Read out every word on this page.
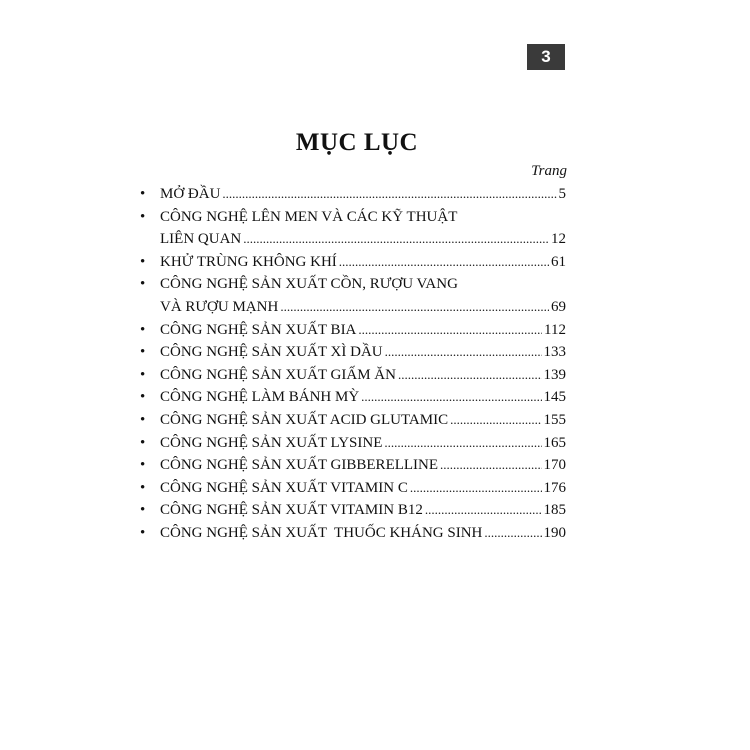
3
MỤC LỤC
Trang
• MỞ ĐẦU .....	5
• CÔNG NGHỆ LÊN MEN VÀ CÁC KỸ THUẬT
LIÊN QUAN .....	12
• KHỬ TRÙNG KHÔNG KHÍ .....	61
• CÔNG NGHỆ SẢN XUẤT CỒN, RƯỢU VANG
VÀ RƯỢU MẠNH .....	69
• CÔNG NGHỆ SẢN XUẤT BIA .....	112
• CÔNG NGHỆ SẢN XUẤT XÌ DẦU .....	133
• CÔNG NGHỆ SẢN XUẤT GIẤM ĂN .....	139
• CÔNG NGHỆ LÀM BÁNH MỲ .....	145
• CÔNG NGHỆ SẢN XUẤT ACID GLUTAMIC .....	155
• CÔNG NGHỆ SẢN XUẤT LYSINE .....	165
• CÔNG NGHỆ SẢN XUẤT GIBBERELLINE .....	170
• CÔNG NGHỆ SẢN XUẤT VITAMIN C .....	176
• CÔNG NGHỆ SẢN XUẤT VITAMIN B12 .....	185
• CÔNG NGHỆ SẢN XUẤT  THUỐC KHÁNG SINH .....	190
